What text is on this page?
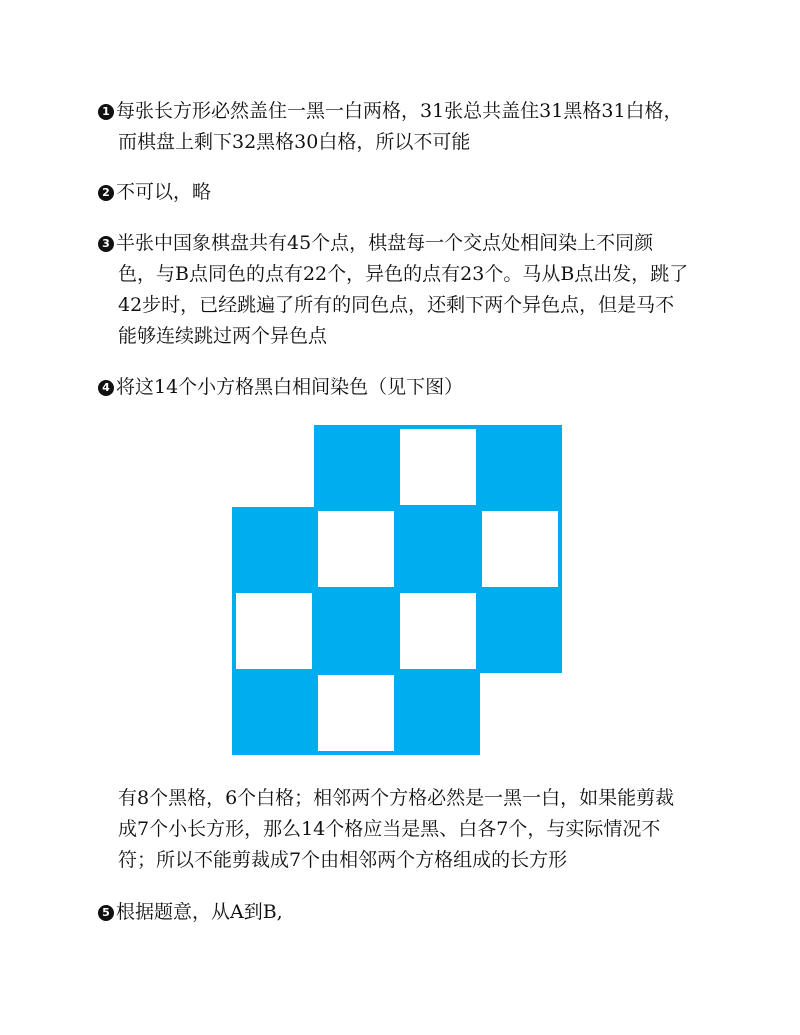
1 每张长方形必然盖住一黑一白两格，31张总共盖住31黑格31白格，
而棋盘上剩下32黑格30白格，所以不可能
2 不可以，略
3 半张中国象棋盘共有45个点，棋盘每一个交点处相间染上不同颜
色，与B点同色的点有22个，异色的点有23个。马从B点出发，跳了
42步时，已经跳遍了所有的同色点，还剩下两个异色点，但是马不
能够连续跳过两个异色点
4 将这14个小方格黑白相间染色（见下图）
有8个黑格，6个白格；相邻两个方格必然是一黑一白，如果能剪裁
成7个小长方形，那么14个格应当是黑、白各7个，与实际情况不
符；所以不能剪裁成7个由相邻两个方格组成的长方形
5 根据题意，从A到B,
